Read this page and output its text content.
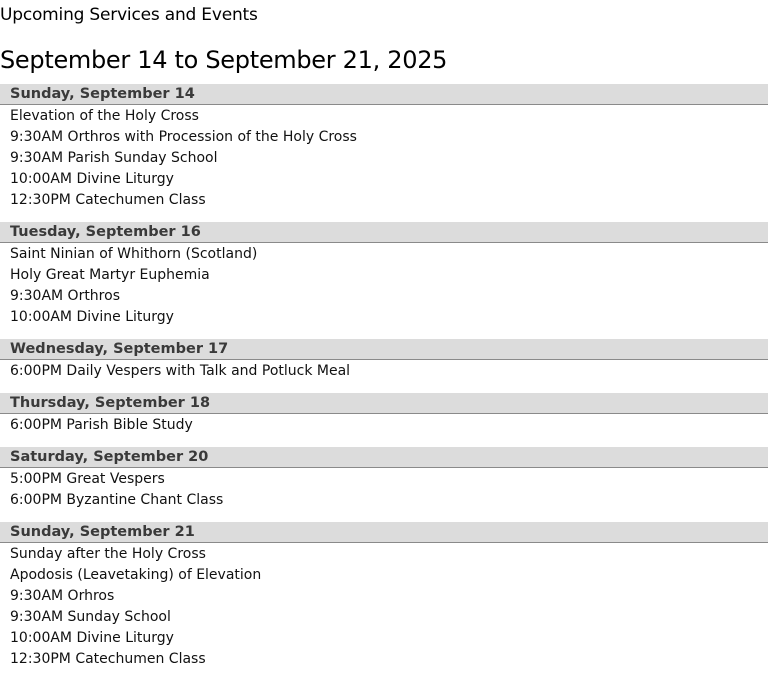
Upcoming Services and Events
September 14 to September 21, 2025
Sunday, September 14
Elevation of the Holy Cross
9:30AM Orthros with Procession of the Holy Cross
9:30AM Parish Sunday School
10:00AM Divine Liturgy
12:30PM Catechumen Class
Tuesday, September 16
Saint Ninian of Whithorn (Scotland)
Holy Great Martyr Euphemia
9:30AM Orthros
10:00AM Divine Liturgy
Wednesday, September 17
6:00PM Daily Vespers with Talk and Potluck Meal
Thursday, September 18
6:00PM Parish Bible Study
Saturday, September 20
5:00PM Great Vespers
6:00PM Byzantine Chant Class
Sunday, September 21
Sunday after the Holy Cross
Apodosis (Leavetaking) of Elevation
9:30AM Orhros
9:30AM Sunday School
10:00AM Divine Liturgy
12:30PM Catechumen Class
